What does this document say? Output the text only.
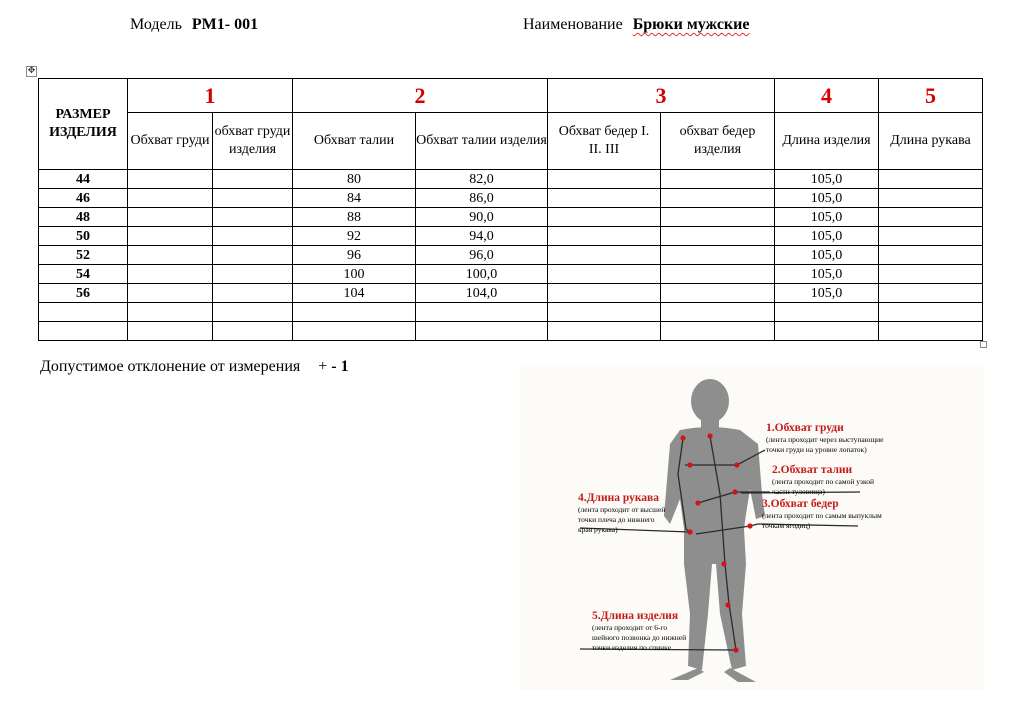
Модель PM1- 001	Наименование Брюки мужские
✥
РАЗМЕР ИЗДЕЛИЯ	1		2		3		4	5
	Обхват груди	обхват груди изделия	Обхват талии	Обхват талии изделия	Обхват бедер I. II. III	обхват бедер изделия	Длина изделия	Длина рукава
44			80	82,0			105,0	
46			84	86,0			105,0	
48			88	90,0			105,0	
50			92	94,0			105,0	
52			96	96,0			105,0	
54			100	100,0			105,0	
56			104	104,0			105,0	

Допустимое отклонение от измерения + - 1
1.Обхват груди
(лента проходит через выступающие
точки груди на уровне лопаток)
2.Обхват талии
(лента проходит по самой узкой
части туловища)
3.Обхват бедер
(лента проходит по самым выпуклым
точкам ягодиц)
4.Длина рукава
(лента проходит от высшей
точки плеча до нижнего
края рукава)
5.Длина изделия
(лента проходит от 6-го
шейного позвонка до нижней
точки изделия по спинке
